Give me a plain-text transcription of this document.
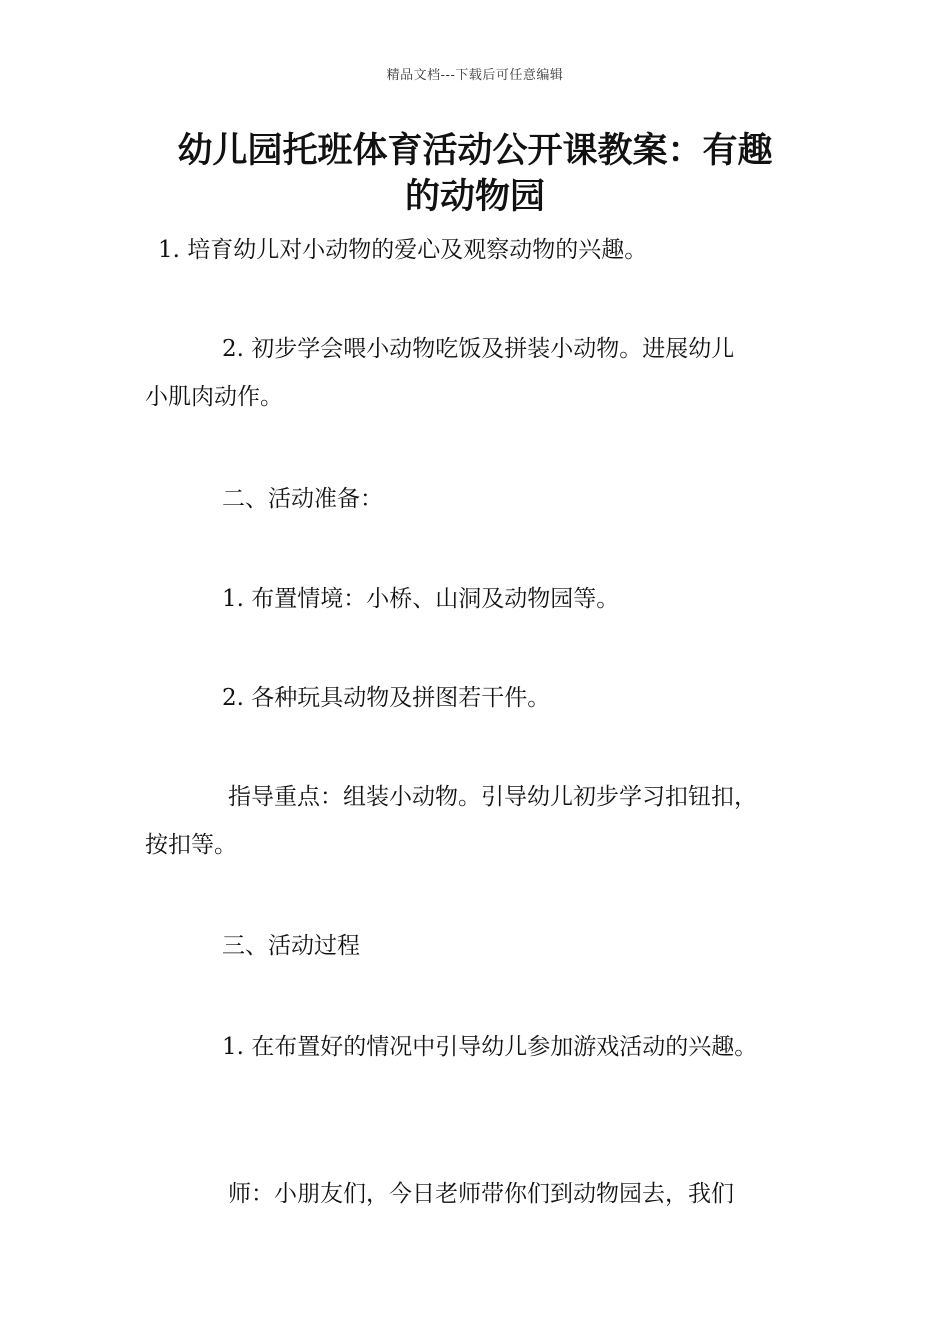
精品文档---下载后可任意编辑
幼儿园托班体育活动公开课教案：有趣
的动物园
1. 培育幼儿对小动物的爱心及观察动物的兴趣。
2. 初步学会喂小动物吃饭及拼装小动物。进展幼儿
小肌肉动作。
二、活动准备：
1. 布置情境：小桥、山洞及动物园等。
2. 各种玩具动物及拼图若干件。
指导重点：组装小动物。引导幼儿初步学习扣钮扣，
按扣等。
三、活动过程
1. 在布置好的情况中引导幼儿参加游戏活动的兴趣。
师：小朋友们，今日老师带你们到动物园去，我们
